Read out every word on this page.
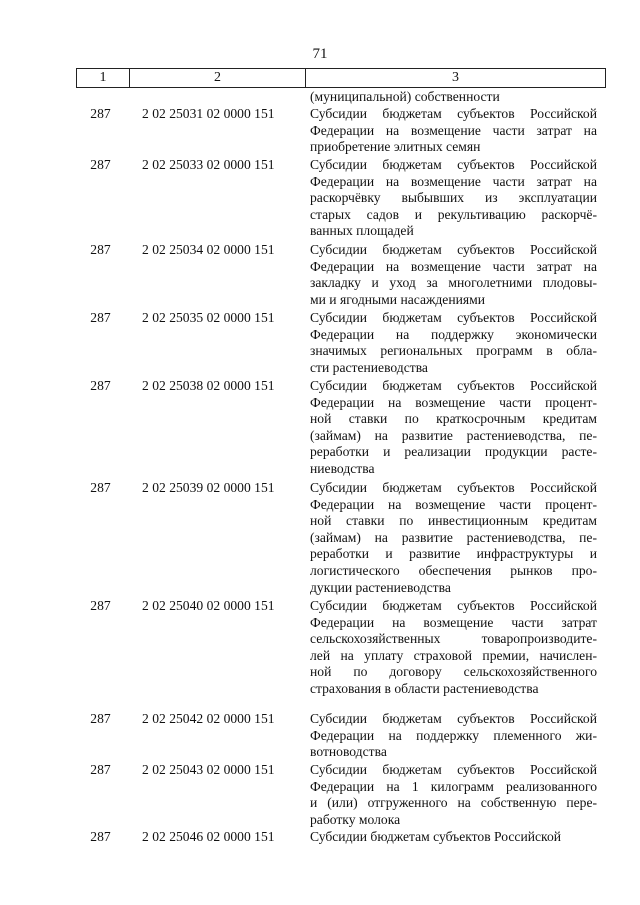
71
1	2	3
(муниципальной) собственности
287	2 02 25031 02 0000 151	Субсидии бюджетам субъектов Российской
Федерации на возмещение части затрат на
приобретение элитных семян
287	2 02 25033 02 0000 151	Субсидии бюджетам субъектов Российской
Федерации на возмещение части затрат на
раскорчёвку выбывших из эксплуатации
старых садов и рекультивацию раскорчё-
ванных площадей
287	2 02 25034 02 0000 151	Субсидии бюджетам субъектов Российской
Федерации на возмещение части затрат на
закладку и уход за многолетними плодовы-
ми и ягодными насаждениями
287	2 02 25035 02 0000 151	Субсидии бюджетам субъектов Российской
Федерации на поддержку экономически
значимых региональных программ в обла-
сти растениеводства
287	2 02 25038 02 0000 151	Субсидии бюджетам субъектов Российской
Федерации на возмещение части процент-
ной ставки по краткосрочным кредитам
(займам) на развитие растениеводства, пе-
реработки и реализации продукции расте-
ниеводства
287	2 02 25039 02 0000 151	Субсидии бюджетам субъектов Российской
Федерации на возмещение части процент-
ной ставки по инвестиционным кредитам
(займам) на развитие растениеводства, пе-
реработки и развитие инфраструктуры и
логистического обеспечения рынков про-
дукции растениеводства
287	2 02 25040 02 0000 151	Субсидии бюджетам субъектов Российской
Федерации на возмещение части затрат
сельскохозяйственных товаропроизводите-
лей на уплату страховой премии, начислен-
ной по договору сельскохозяйственного
страхования в области растениеводства
287	2 02 25042 02 0000 151	Субсидии бюджетам субъектов Российской
Федерации на поддержку племенного жи-
вотноводства
287	2 02 25043 02 0000 151	Субсидии бюджетам субъектов Российской
Федерации на 1 килограмм реализованного
и (или) отгруженного на собственную пере-
работку молока
287	2 02 25046 02 0000 151	Субсидии бюджетам субъектов Российской
